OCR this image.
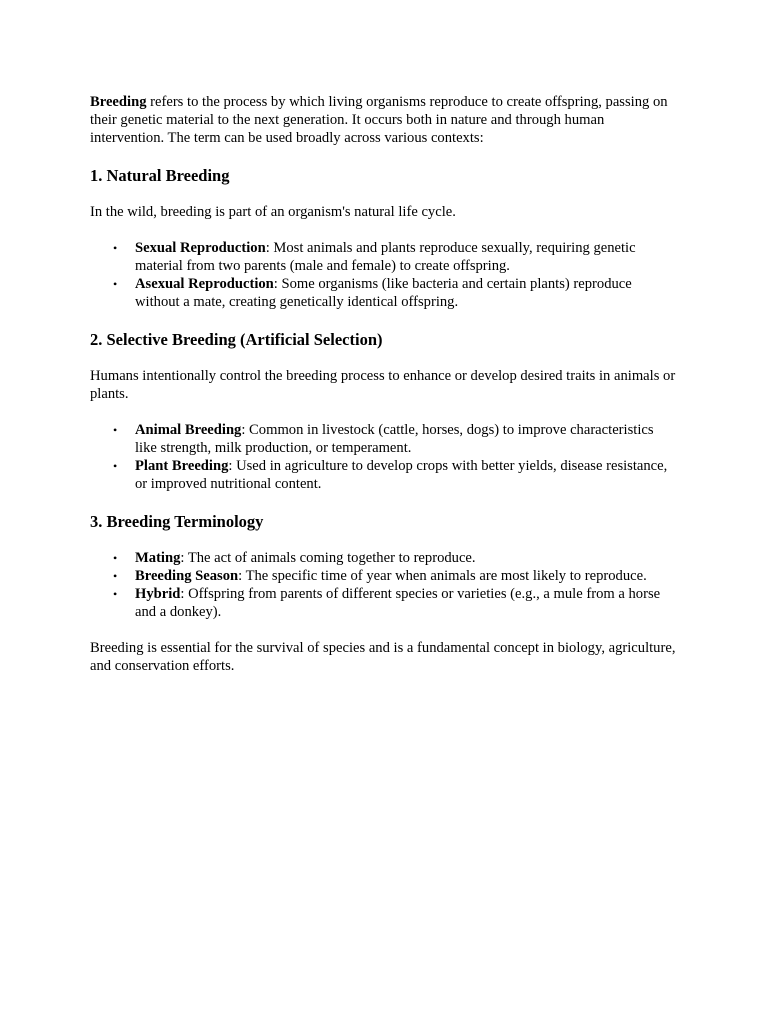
Breeding refers to the process by which living organisms reproduce to create offspring, passing on their genetic material to the next generation. It occurs both in nature and through human intervention. The term can be used broadly across various contexts:

1. Natural Breeding

In the wild, breeding is part of an organism's natural life cycle.

• Sexual Reproduction: Most animals and plants reproduce sexually, requiring genetic material from two parents (male and female) to create offspring.
• Asexual Reproduction: Some organisms (like bacteria and certain plants) reproduce without a mate, creating genetically identical offspring.
2. Selective Breeding (Artificial Selection)

Humans intentionally control the breeding process to enhance or develop desired traits in animals or plants.

• Animal Breeding: Common in livestock (cattle, horses, dogs) to improve characteristics like strength, milk production, or temperament.
• Plant Breeding: Used in agriculture to develop crops with better yields, disease resistance, or improved nutritional content.
3. Breeding Terminology
• Mating: The act of animals coming together to reproduce.
• Breeding Season: The specific time of year when animals are most likely to reproduce.
• Hybrid: Offspring from parents of different species or varieties (e.g., a mule from a horse and a donkey).

Breeding is essential for the survival of species and is a fundamental concept in biology, agriculture, and conservation efforts.
